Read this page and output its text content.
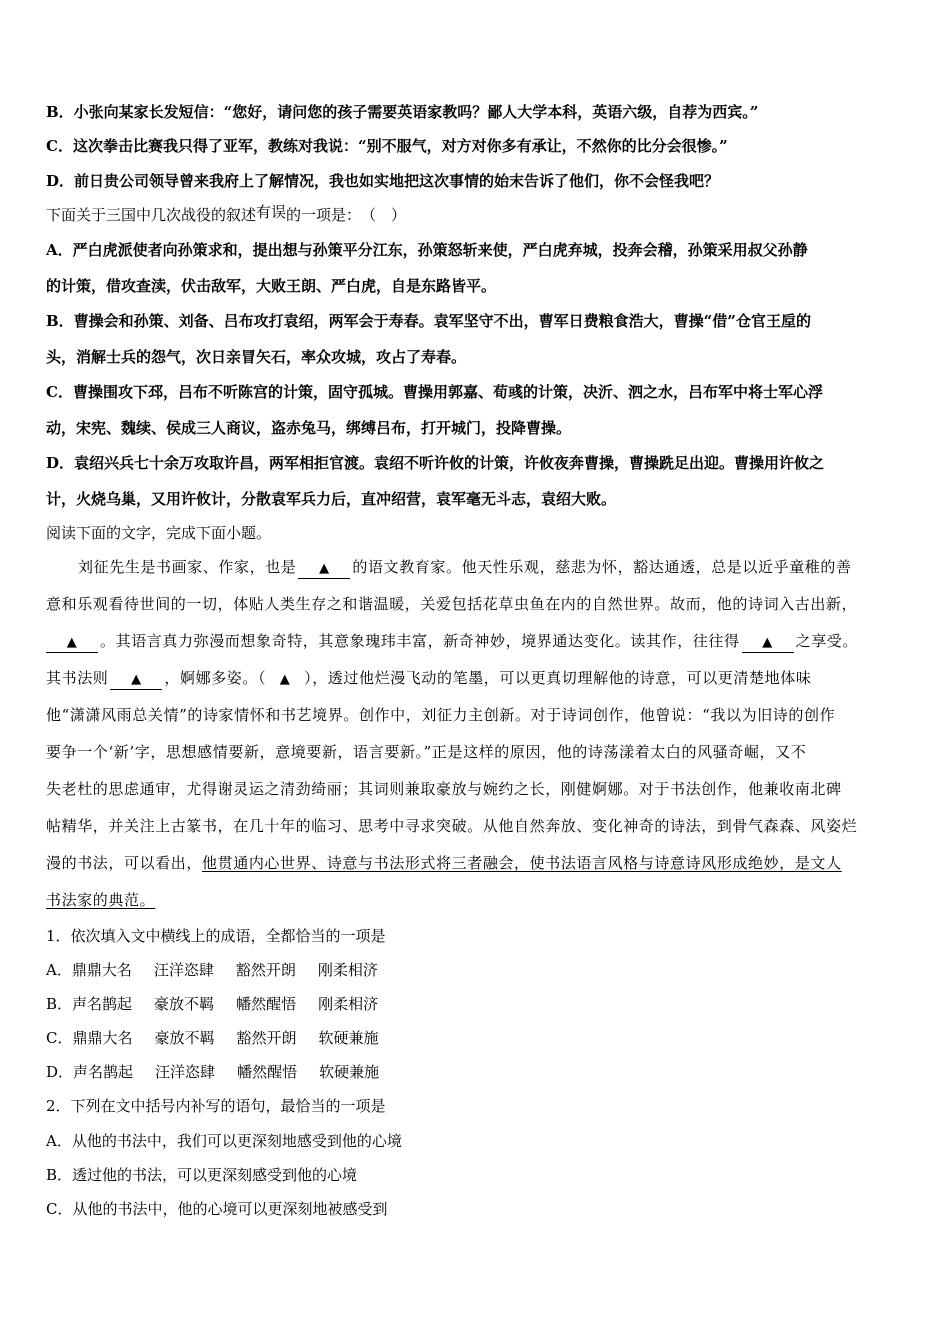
B．小张向某家长发短信：“您好，请问您的孩子需要英语家教吗？鄙人大学本科，英语六级，自荐为西宾。”
C．这次拳击比赛我只得了亚军，教练对我说：“别不服气，对方对你多有承让，不然你的比分会很惨。”
D．前日贵公司领导曾来我府上了解情况，我也如实地把这次事情的始末告诉了他们，你不会怪我吧？
下面关于三国中几次战役的叙述有误的一项是：　（　）
A．严白虎派使者向孙策求和，提出想与孙策平分江东，孙策怒斩来使，严白虎弃城，投奔会稽，孙策采用叔父孙静
的计策，借攻查渎，伏击敌军，大败王朗、严白虎，自是东路皆平。
B．曹操会和孙策、刘备、吕布攻打袁绍，两军会于寿春。袁军坚守不出，曹军日费粮食浩大，曹操“借”仓官王垕的
头，消解士兵的怨气，次日亲冒矢石，率众攻城，攻占了寿春。
C．曹操围攻下邳，吕布不听陈宫的计策，固守孤城。曹操用郭嘉、荀彧的计策，决沂、泗之水，吕布军中将士军心浮
动，宋宪、魏续、侯成三人商议，盗赤兔马，绑缚吕布，打开城门，投降曹操。
D．袁绍兴兵七十余万攻取许昌，两军相拒官渡。袁绍不听许攸的计策，许攸夜奔曹操，曹操跣足出迎。曹操用许攸之
计，火烧乌巢，又用许攸计，分散袁军兵力后，直冲绍营，袁军毫无斗志，袁绍大败。
阅读下面的文字，完成下面小题。
刘征先生是书画家、作家，也是 ▲ 的语文教育家。他天性乐观，慈悲为怀，豁达通透，总是以近乎童稚的善
意和乐观看待世间的一切，体贴人类生存之和谐温暖，关爱包括花草虫鱼在内的自然世界。故而，他的诗词入古出新，
▲ 。其语言真力弥漫而想象奇特，其意象瑰玮丰富，新奇神妙，境界通达变化。读其作，往往得 ▲ 之享受。
其书法则 ▲ ，婀娜多姿。（ ▲ ），透过他烂漫飞动的笔墨，可以更真切理解他的诗意，可以更清楚地体味
他“潇潇风雨总关情”的诗家情怀和书艺境界。创作中，刘征力主创新。对于诗词创作，他曾说：“我以为旧诗的创作
要争一个‘新’字，思想感情要新，意境要新，语言要新。”正是这样的原因，他的诗荡漾着太白的风骚奇崛，又不
失老杜的思虑通审，尤得谢灵运之清劲绮丽；其词则兼取豪放与婉约之长，刚健婀娜。对于书法创作，他兼收南北碑
帖精华，并关注上古篆书，在几十年的临习、思考中寻求突破。从他自然奔放、变化神奇的诗法，到骨气森森、风姿烂
漫的书法，可以看出，他贯通内心世界、诗意与书法形式将三者融会，使书法语言风格与诗意诗风形成绝妙，是文人
书法家的典范。
1．依次填入文中横线上的成语，全都恰当的一项是
A．鼎鼎大名 汪洋恣肆 豁然开朗 刚柔相济
B．声名鹊起 豪放不羁 幡然醒悟 刚柔相济
C．鼎鼎大名 豪放不羁 豁然开朗 软硬兼施
D．声名鹊起 汪洋恣肆 幡然醒悟 软硬兼施
2．下列在文中括号内补写的语句，最恰当的一项是
A．从他的书法中，我们可以更深刻地感受到他的心境
B．透过他的书法，可以更深刻感受到他的心境
C．从他的书法中，他的心境可以更深刻地被感受到
